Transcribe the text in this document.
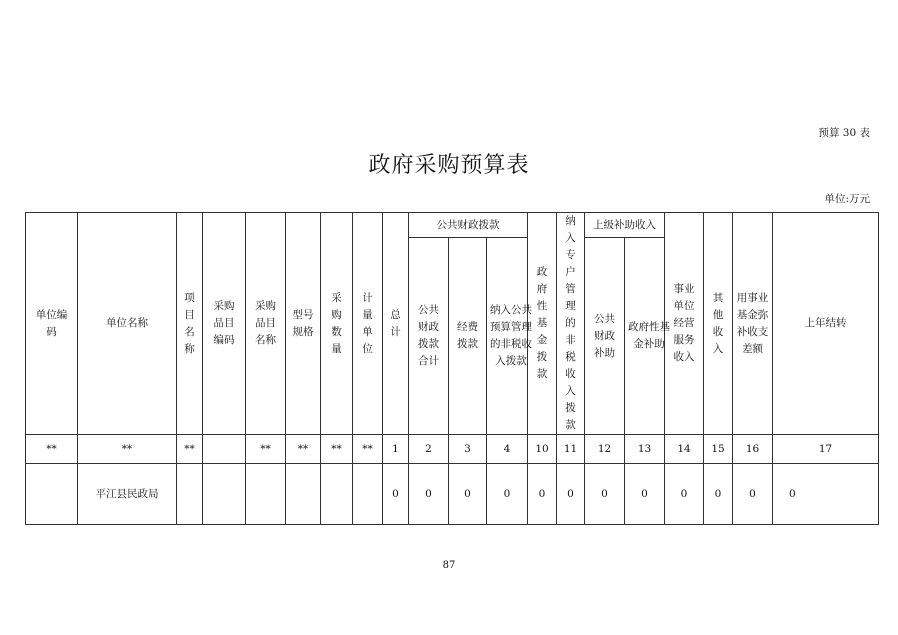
预算 30 表
政府采购预算表
单位:万元
单位编码	单位名称	项目名称	采购品目编码	采购品目名称	型号规格	采购数量	计量单位	总计	公共财政拨款			政府性基金拨款	纳入专户管理的非税收入拨款	上级补助收入		事业单位经营服务收入	其他收入	用事业基金弥补收支差额	上年结转
									公共财政拨款合计	经费拨款	纳入公共预算管理的非税收入拨款			公共财政补助	政府性基金补助				
**	**	**		**	**	**	**	1	2	3	4	10	11	12	13	14	15	16	17
	平江县民政局							0	0	0	0	0	0	0	0	0	0	0	0
87
